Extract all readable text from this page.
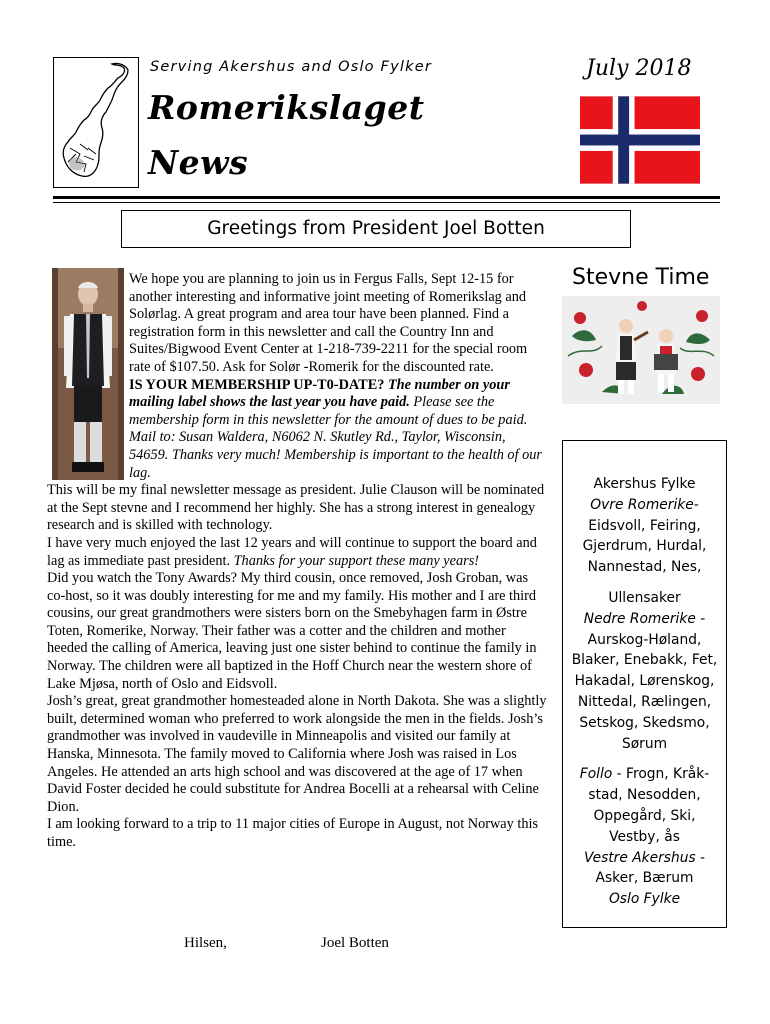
Serving Akershus and Oslo Fylker	July 2018
Romerikslaget
News
Greetings from President Joel Botten

We hope you are planning to join us in Fergus Falls, Sept 12-15 for another interesting and informative joint meeting of Romerikslag and Solørlag. A great program and area tour have been planned. Find a registration form in this newsletter and call the Country Inn and Suites/Bigwood Event Center at 1-218-739-2211 for the special room rate of $107.50. Ask for Solør -Romerik for the discounted rate.

IS YOUR MEMBERSHIP UP-T0-DATE? The number on your mailing label shows the last year you have paid. Please see the membership form in this newsletter for the amount of dues to be paid. Mail to: Susan Waldera, N6062 N. Skutley Rd., Taylor, Wisconsin, 54659. Thanks very much! Membership is important to the health of our lag.

This will be my final newsletter message as president. Julie Clauson will be nominated at the Sept stevne and I recommend her highly. She has a strong interest in genealogy research and is skilled with technology.

I have very much enjoyed the last 12 years and will continue to support the board and lag as immediate past president. Thanks for your support these many years!

Did you watch the Tony Awards? My third cousin, once removed, Josh Groban, was co-host, so it was doubly interesting for me and my family. His mother and I are third cousins, our great grandmothers were sisters born on the Smebyhagen farm in Østre Toten, Romerike, Norway. Their father was a cotter and the children and mother heeded the calling of America, leaving just one sister behind to continue the family in Norway. The children were all baptized in the Hoff Church near the western shore of Lake Mjøsa, north of Oslo and Eidsvoll.

Josh’s great, great grandmother homesteaded alone in North Dakota. She was a slightly built, determined woman who preferred to work alongside the men in the fields. Josh’s grandmother was involved in vaudeville in Minneapolis and visited our family at Hanska, Minnesota. The family moved to California where Josh was raised in Los Angeles. He attended an arts high school and was discovered at the age of 17 when David Foster decided he could substitute for Andrea Bocelli at a rehearsal with Celine Dion.

I am looking forward to a trip to 11 major cities of Europe in August, not Norway this time.

Hilsen,	Joel Botten
Stevne Time
Akershus Fylke
Ovre Romerike-
Eidsvoll, Feiring, Gjerdrum, Hurdal, Nannestad, Nes,
Ullensaker
Nedre Romerike -
Aurskog-Høland, Blaker, Enebakk, Fet, Hakadal, Lørenskog, Nittedal, Rælingen, Setskog, Skedsmo, Sørum
Follo - Frogn, Kråk-stad, Nesodden, Oppegård, Ski, Vestby, ås
Vestre Akershus -
Asker, Bærum
Oslo Fylke
